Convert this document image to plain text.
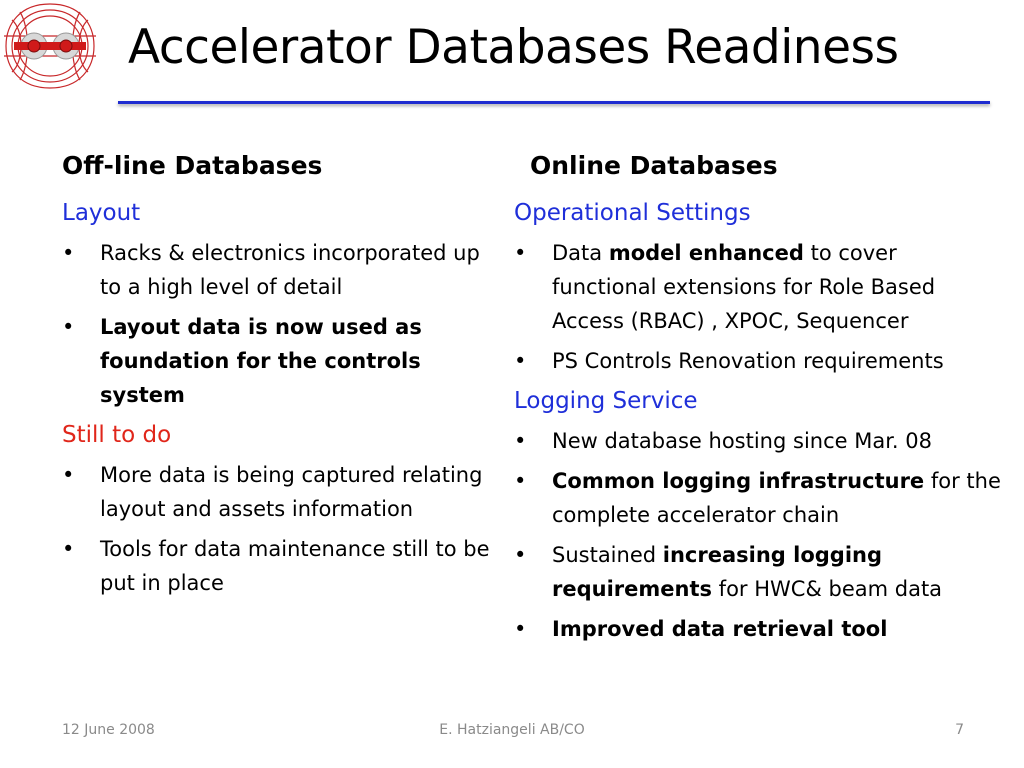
Accelerator Databases Readiness
Off-line Databases
Layout
• Racks & electronics incorporated up to a high level of detail
• Layout data is now used as foundation for the controls system
Still to do
• More data is being captured relating layout and assets information
• Tools for data maintenance still to be put in place
Online Databases
Operational Settings
• Data model enhanced to cover functional extensions for Role Based Access (RBAC) , XPOC, Sequencer
• PS Controls Renovation requirements
Logging Service
• New database hosting since Mar. 08
• Common logging infrastructure for the complete accelerator chain
• Sustained increasing logging requirements for HWC& beam data
• Improved data retrieval tool
12 June 2008	E. Hatziangeli AB/CO	7
